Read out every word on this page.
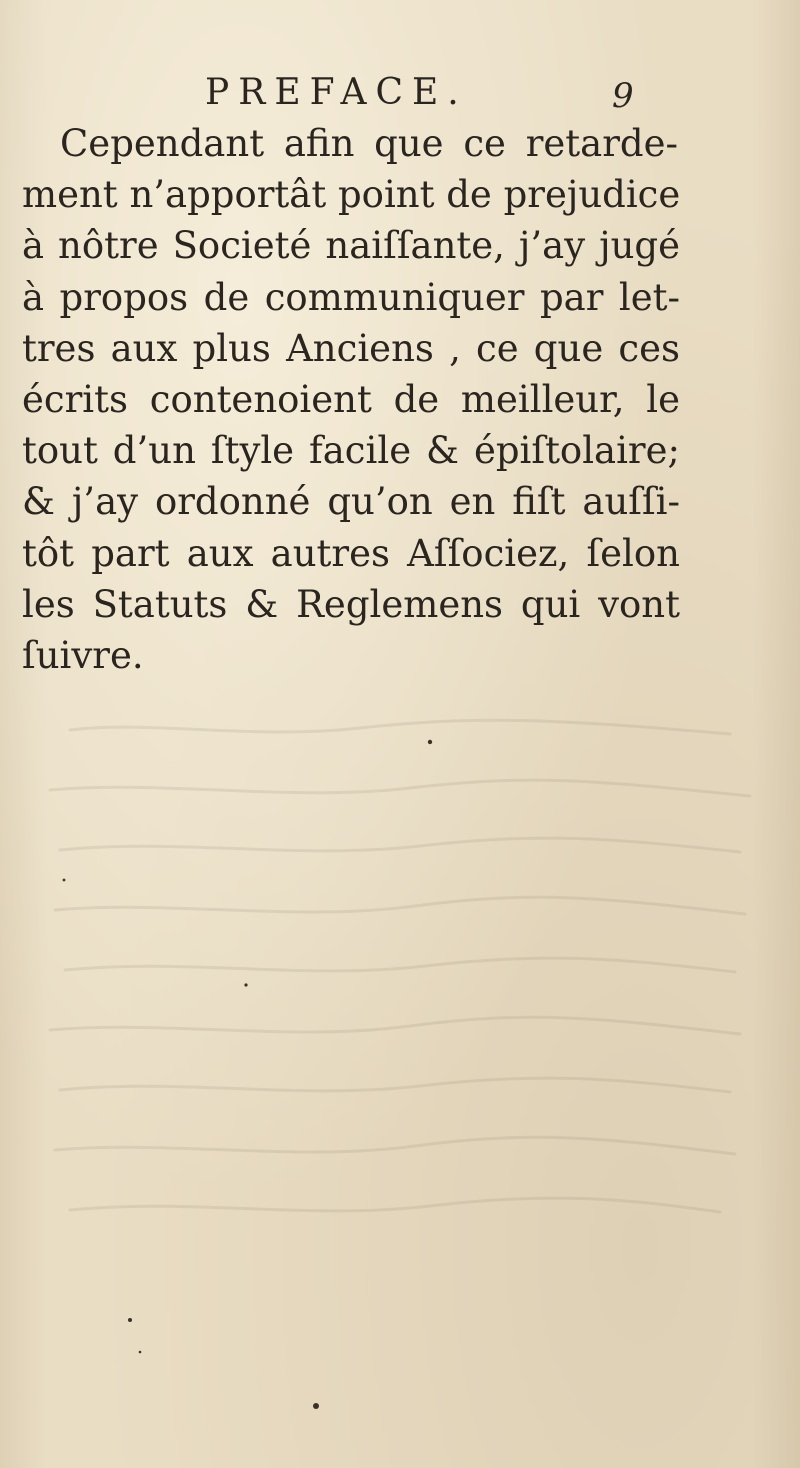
PREFACE.	9
Cependant afin que ce retarde-
ment n’apportât point de prejudice
à nôtre Societé naiſſante, j’ay jugé
à propos de communiquer par let-
tres aux plus Anciens , ce que ces
écrits contenoient de meilleur, le
tout d’un ſtyle facile & épiſtolaire;
& j’ay ordonné qu’on en fiſt auſſi-
tôt part aux autres Aſſociez, ſelon
les Statuts & Reglemens qui vont
ſuivre.
